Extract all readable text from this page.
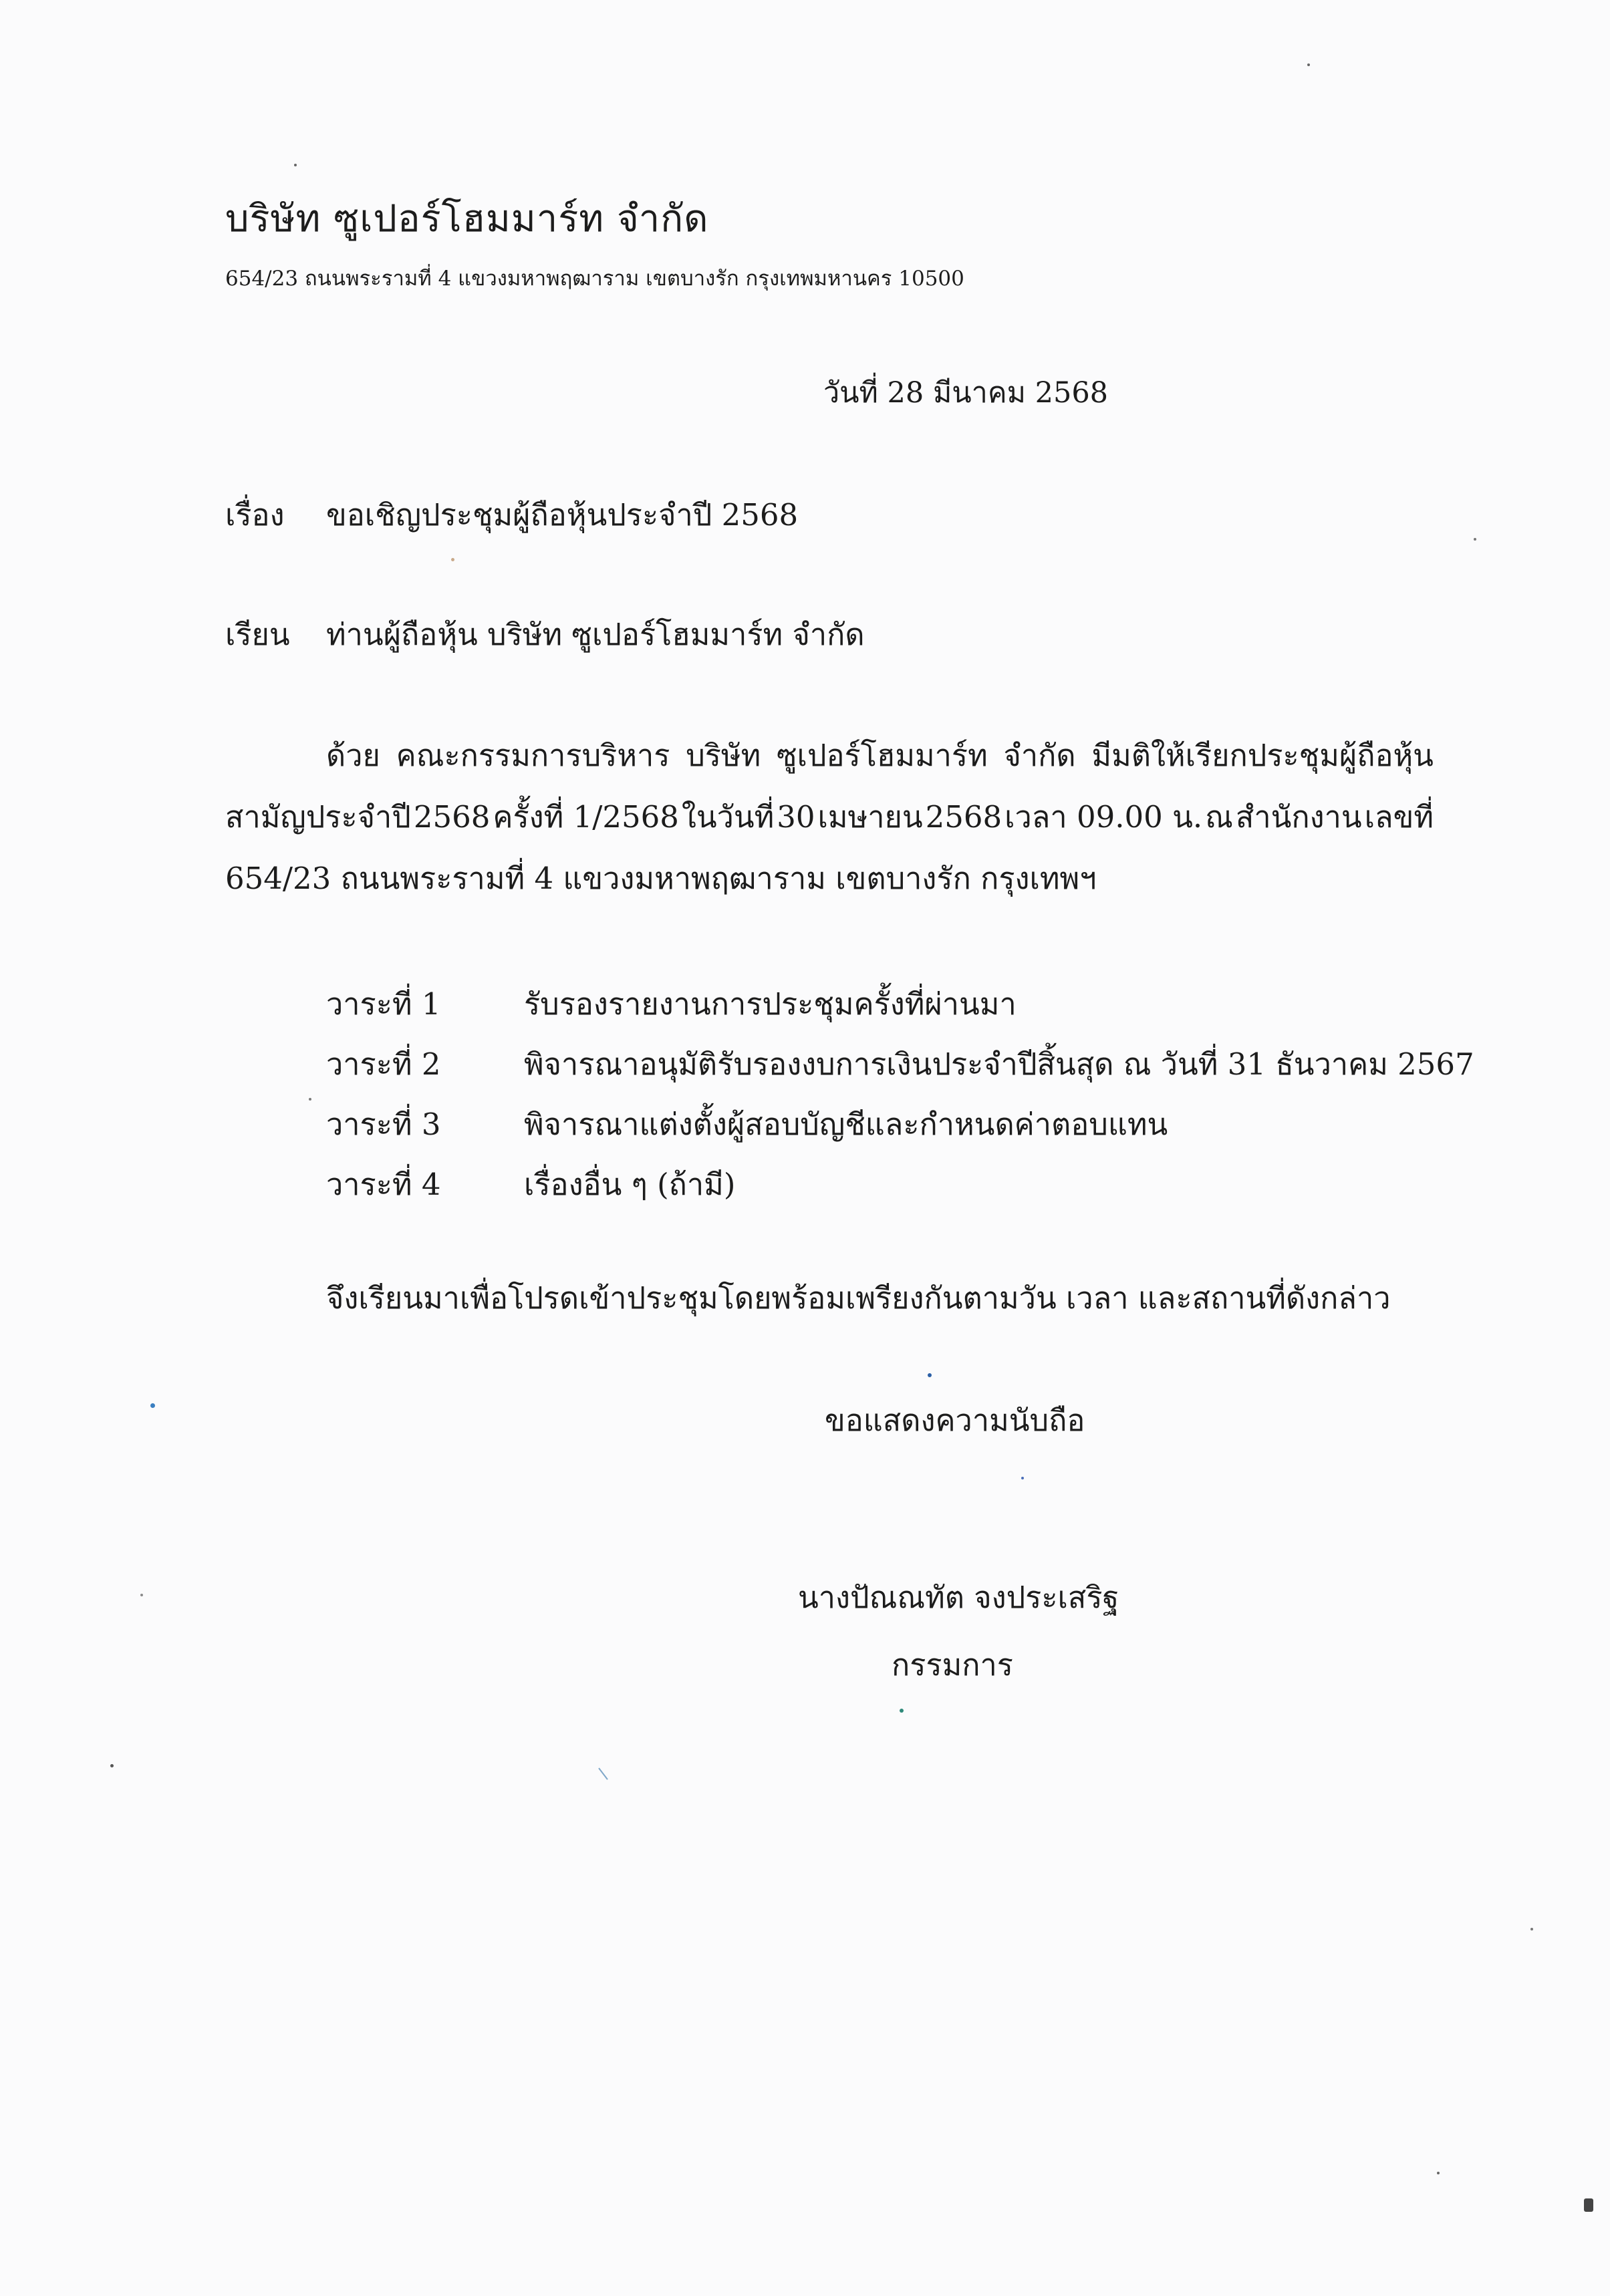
บริษัท ซูเปอร์โฮมมาร์ท จำกัด
654/23 ถนนพระรามที่ 4 แขวงมหาพฤฒาราม เขตบางรัก กรุงเทพมหานคร 10500
วันที่ 28 มีนาคม 2568
เรื่อง ขอเชิญประชุมผู้ถือหุ้นประจำปี 2568
เรียน ท่านผู้ถือหุ้น บริษัท ซูเปอร์โฮมมาร์ท จำกัด
ด้วย คณะกรรมการบริหาร บริษัท ซูเปอร์โฮมมาร์ท จำกัด มีมติให้เรียกประชุมผู้ถือหุ้น
สามัญประจำปี 2568 ครั้งที่ 1/2568 ในวันที่ 30 เมษายน 2568 เวลา 09.00 น. ณ สำนักงาน เลขที่
654/23 ถนนพระรามที่ 4 แขวงมหาพฤฒาราม เขตบางรัก กรุงเทพฯ
วาระที่ 1	รับรองรายงานการประชุมครั้งที่ผ่านมา
วาระที่ 2	พิจารณาอนุมัติรับรองงบการเงินประจำปีสิ้นสุด ณ วันที่ 31 ธันวาคม 2567
วาระที่ 3	พิจารณาแต่งตั้งผู้สอบบัญชีและกำหนดค่าตอบแทน
วาระที่ 4	เรื่องอื่น ๆ (ถ้ามี)
จึงเรียนมาเพื่อโปรดเข้าประชุมโดยพร้อมเพรียงกันตามวัน เวลา และสถานที่ดังกล่าว
ขอแสดงความนับถือ
นางปัณณทัต จงประเสริฐ
กรรมการ
